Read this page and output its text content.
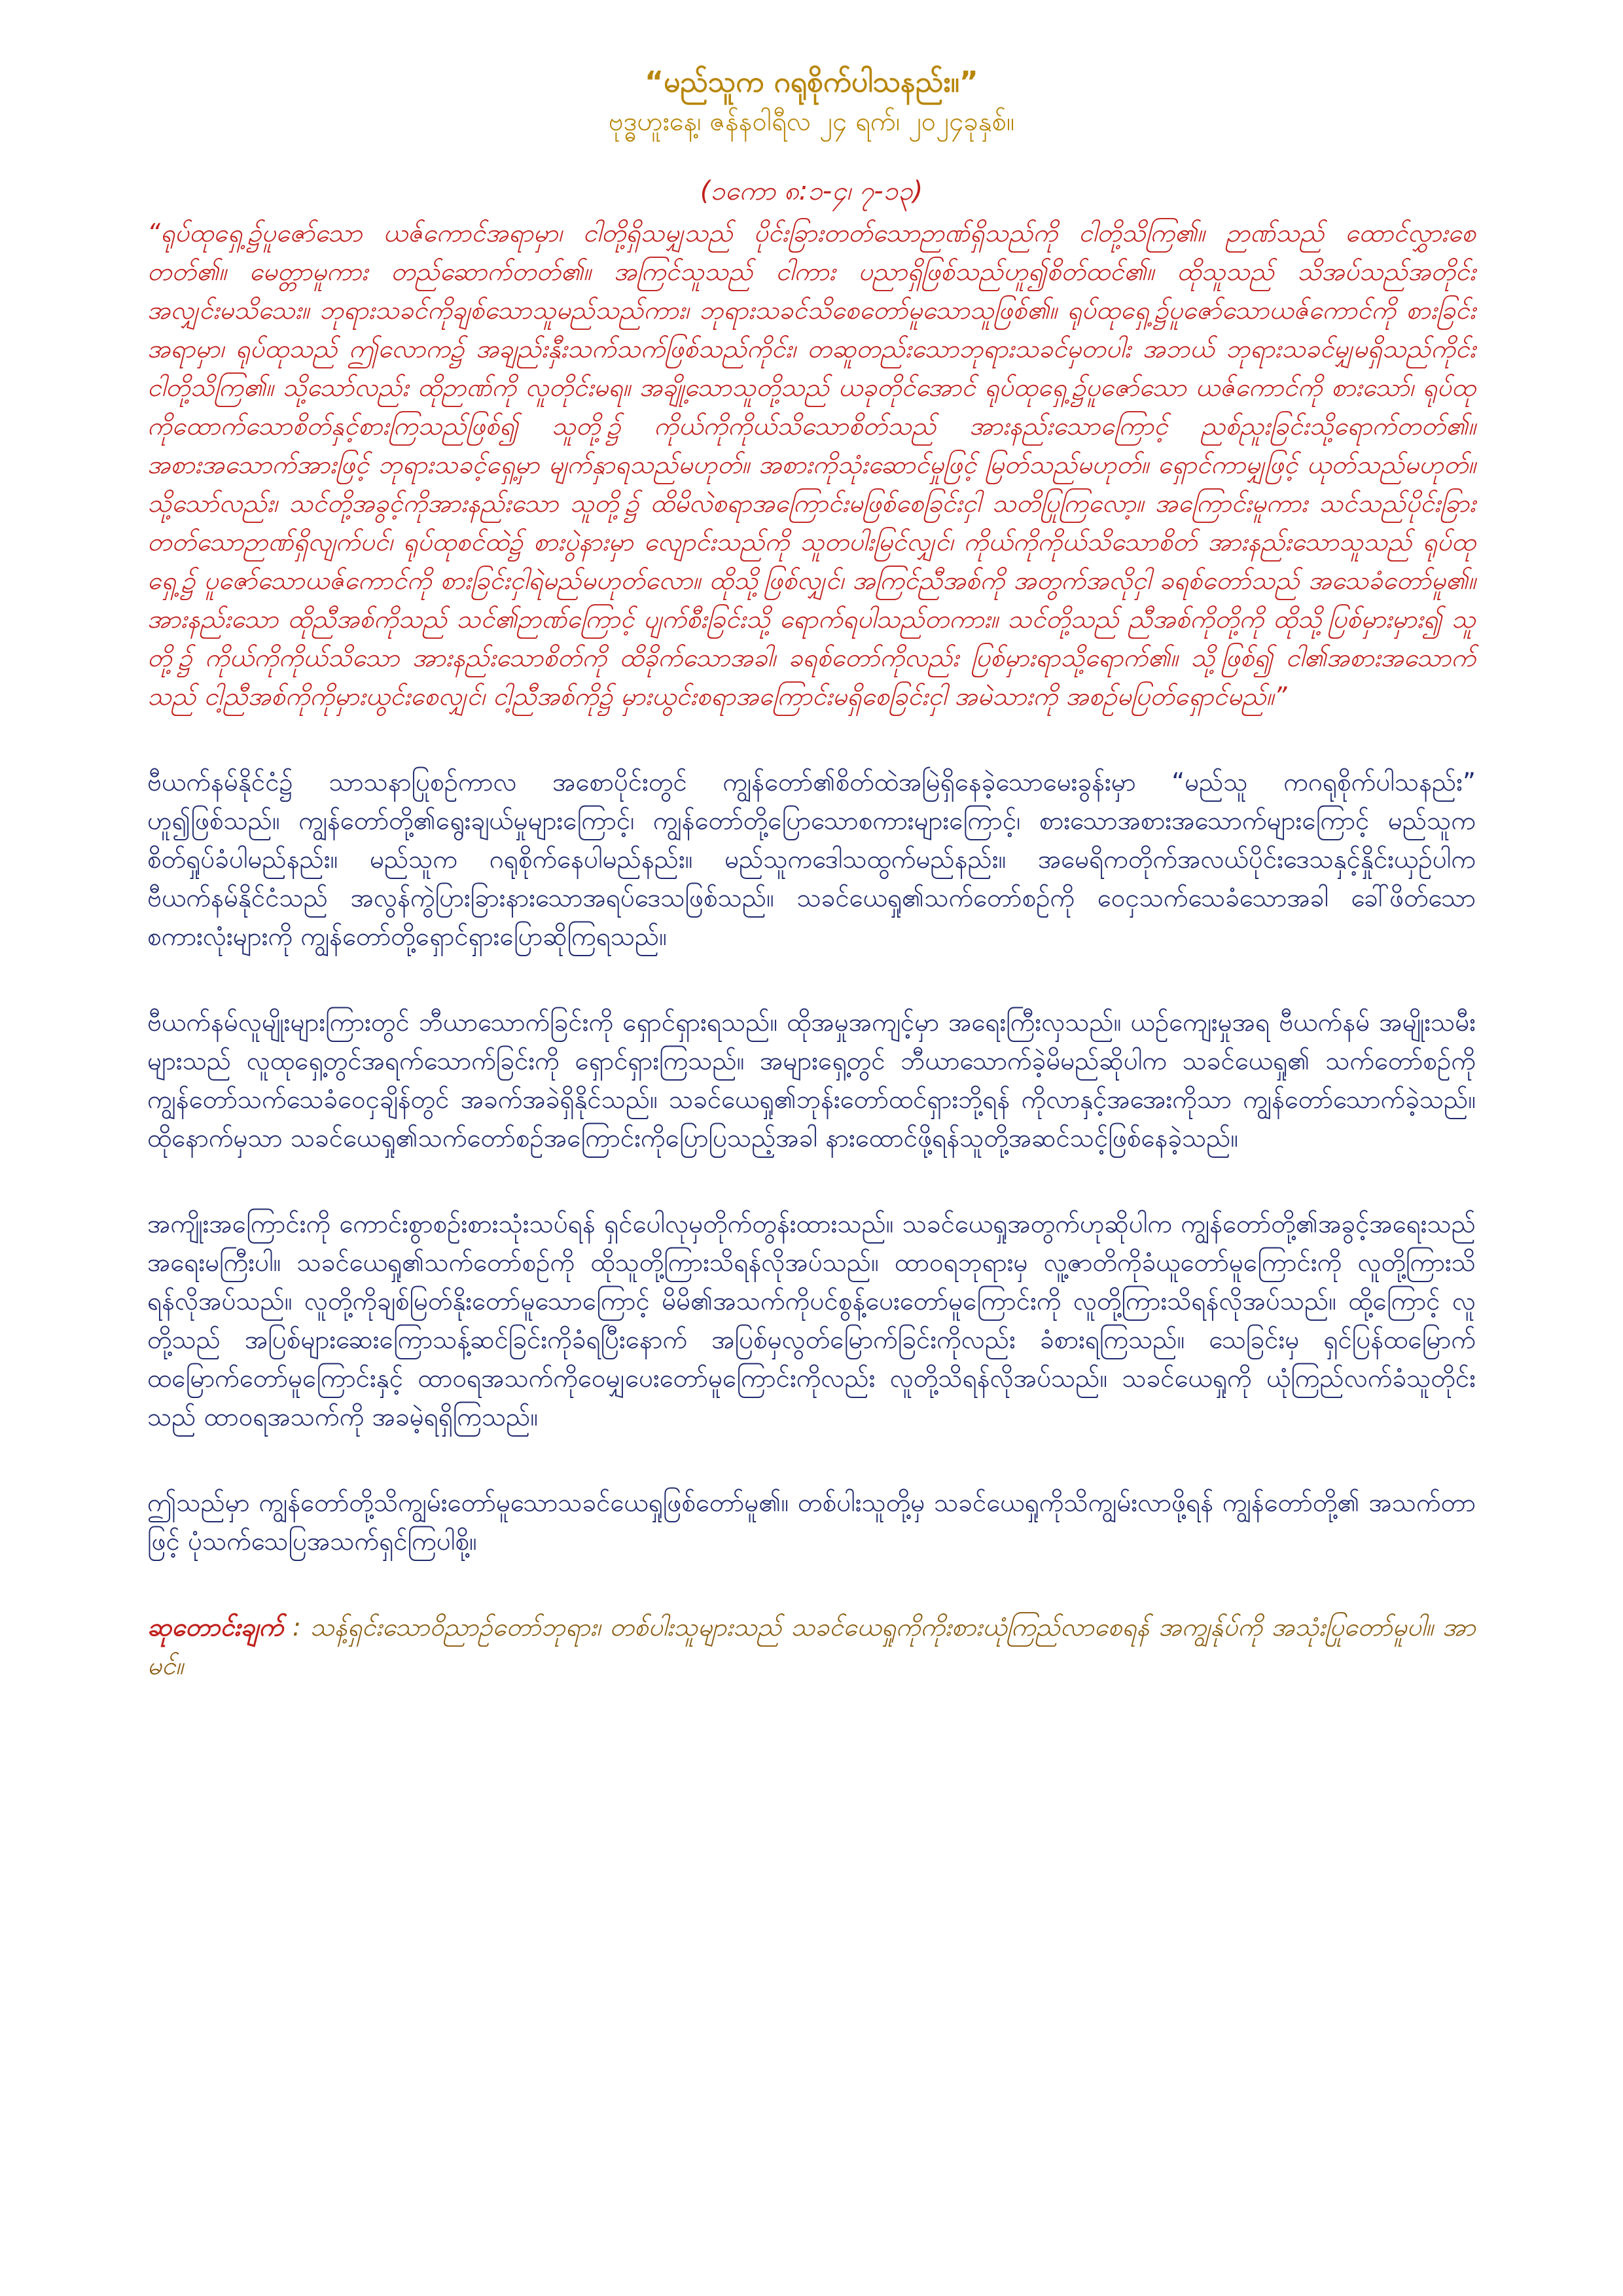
“မည်သူက ဂရုစိုက်ပါသနည်း။”

ဗုဒ္ဓဟူးနေ့၊ ဇန်နဝါရီလ ၂၄ ရက်၊ ၂၀၂၄ခုနှစ်။

(၁ကော ၈:၁-၄၊ ၇-၁၃)

“ရုပ်ထုရှေ့၌ပူဇော်သော ယဇ်ကောင်အရာမှာ၊ ငါတို့ရှိသမျှသည် ပိုင်းခြားတတ်သောဉာဏ်ရှိသည်ကို ငါတို့သိကြ၏။ ဉာဏ်သည် ထောင်လွှားစေတတ်၏။ မေတ္တာမူကား တည်ဆောက်တတ်၏။ အကြင်သူသည် ငါကား ပညာရှိဖြစ်သည်ဟူ၍စိတ်ထင်၏။ ထိုသူသည် သိအပ်သည်အတိုင်း အလျှင်းမသိသေး။ ဘုရားသခင်ကိုချစ်သောသူမည်သည်ကား၊ ဘုရားသခင်သိစေတော်မူသောသူဖြစ်၏။ ရုပ်ထုရှေ့၌ပူဇော်သောယဇ်ကောင်ကို စားခြင်းအရာမှာ၊ ရုပ်ထုသည် ဤလောက၌ အချည်းနှီးသက်သက်ဖြစ်သည်ကိုင်း၊ တဆူတည်းသောဘုရားသခင်မှတပါး အဘယ် ဘုရားသခင်မျှမရှိသည်ကိုင်း ငါတို့သိကြ၏။ သို့သော်လည်း ထိုဉာဏ်ကို လူတိုင်းမရ။ အချို့သောသူတို့သည် ယခုတိုင်အောင် ရုပ်ထုရှေ့၌ပူဇော်သော ယဇ်ကောင်ကို စားသော်၊ ရုပ်ထုကိုထောက်သောစိတ်နှင့်စားကြသည်ဖြစ်၍ သူတို့၌ ကိုယ်ကိုကိုယ်သိသောစိတ်သည် အားနည်းသောကြောင့် ညစ်ညူးခြင်းသို့ရောက်တတ်၏။ အစားအသောက်အားဖြင့် ဘုရားသခင့်ရှေ့မှာ မျက်နှာရသည်မဟုတ်။ အစားကိုသုံးဆောင်မှုဖြင့် မြတ်သည်မဟုတ်။ ရှောင်ကာမျှဖြင့် ယုတ်သည်မဟုတ်။ သို့သော်လည်း၊ သင်တို့အခွင့်ကိုအားနည်းသော သူတို့၌ ထိမိလဲစရာအကြောင်းမဖြစ်စေခြင်းငှါ သတိပြုကြလော့။ အကြောင်းမူကား သင်သည်ပိုင်းခြားတတ်သောဉာဏ်ရှိလျက်ပင်၊ ရုပ်ထုစင်ထဲ၌ စားပွဲနားမှာ လျောင်းသည်ကို သူတပါးမြင်လျှင်၊ ကိုယ်ကိုကိုယ်သိသောစိတ် အားနည်းသောသူသည် ရုပ်ထုရှေ့၌ ပူဇော်သောယဇ်ကောင်ကို စားခြင်းငှါရဲမည်မဟုတ်လော။ ထိုသို့ဖြစ်လျှင်၊ အကြင်ညီအစ်ကို အတွက်အလိုငှါ ခရစ်တော်သည် အသေခံတော်မူ၏။ အားနည်းသော ထိုညီအစ်ကိုသည် သင်၏ဉာဏ်ကြောင့် ပျက်စီးခြင်းသို့ ရောက်ရပါသည်တကား။ သင်တို့သည် ညီအစ်ကိုတို့ကို ထိုသို့ပြစ်မှားမှား၍ သူတို့၌ ကိုယ်ကိုကိုယ်သိသော အားနည်းသောစိတ်ကို ထိခိုက်သောအခါ၊ ခရစ်တော်ကိုလည်း ပြစ်မှားရာသို့ရောက်၏။ သို့ဖြစ်၍ ငါ၏အစားအသောက်သည် ငါ့ညီအစ်ကိုကိုမှားယွင်းစေလျှင်၊ ငါ့ညီအစ်ကို၌ မှားယွင်းစရာအကြောင်းမရှိစေခြင်းငှါ အမဲသားကို အစဉ်မပြတ်ရှောင်မည်။”

ဗီယက်နမ်နိုင်ငံ၌ သာသနာပြုစဉ်ကာလ အစောပိုင်းတွင် ကျွန်တော်၏စိတ်ထဲအမြဲရှိနေခဲ့သောမေးခွန်းမှာ “မည်သူ ကဂရုစိုက်ပါသနည်း” ဟူ၍ဖြစ်သည်။ ကျွန်တော်တို့၏ရွေးချယ်မှုများကြောင့်၊ ကျွန်တော်တို့ပြောသောစကားများကြောင့်၊ စားသောအစားအသောက်များကြောင့် မည်သူက စိတ်ရှုပ်ခံပါမည်နည်း။ မည်သူက ဂရုစိုက်နေပါမည်နည်း။ မည်သူကဒေါသထွက်မည်နည်း။ အမေရိကတိုက်အလယ်ပိုင်းဒေသနှင့်နှိုင်းယှဉ်ပါက ဗီယက်နမ်နိုင်ငံသည် အလွန်ကွဲပြားခြားနားသောအရပ်ဒေသဖြစ်သည်။ သခင်ယေရှု၏သက်တော်စဉ်ကို ဝေငှသက်သေခံသောအခါ ခေါ်ဖိတ်သော စကားလုံးများကို ကျွန်တော်တို့ရှောင်ရှားပြောဆိုကြရသည်။

ဗီယက်နမ်လူမျိုးများကြားတွင် ဘီယာသောက်ခြင်းကို ရှောင်ရှားရသည်။ ထိုအမှုအကျင့်မှာ အရေးကြီးလှသည်။ ယဉ်ကျေးမှုအရ ဗီယက်နမ် အမျိုးသမီးများသည် လူထုရှေ့တွင်အရက်သောက်ခြင်းကို ရှောင်ရှားကြသည်။ အများရှေ့တွင် ဘီယာသောက်ခဲ့မိမည်ဆိုပါက သခင်ယေရှု၏ သက်တော်စဉ်ကို ကျွန်တော်သက်သေခံဝေငှချိန်တွင် အခက်အခဲရှိနိုင်သည်။ သခင်ယေရှု၏ဘုန်းတော်ထင်ရှားဘို့ရန် ကိုလာနှင့်အအေးကိုသာ ကျွန်တော်သောက်ခဲ့သည်။ ထိုနောက်မှသာ သခင်ယေရှု၏သက်တော်စဉ်အကြောင်းကိုပြောပြသည့်အခါ နားထောင်ဖို့ရန်သူတို့အဆင်သင့်ဖြစ်နေခဲ့သည်။

အကျိုးအကြောင်းကို ကောင်းစွာစဉ်းစားသုံးသပ်ရန် ရှင်ပေါလုမှတိုက်တွန်းထားသည်။ သခင်ယေရှုအတွက်ဟုဆိုပါက ကျွန်တော်တို့၏အခွင့်အရေးသည် အရေးမကြီးပါ။ သခင်ယေရှု၏သက်တော်စဉ်ကို ထိုသူတို့ကြားသိရန်လိုအပ်သည်။ ထာဝရဘုရားမှ လူ့ဇာတိကိုခံယူတော်မူကြောင်းကို လူတို့ကြားသိရန်လိုအပ်သည်။ လူတို့ကိုချစ်မြတ်နိုးတော်မူသောကြောင့် မိမိ၏အသက်ကိုပင်စွန့်ပေးတော်မူကြောင်းကို လူတို့ကြားသိရန်လိုအပ်သည်။ ထို့ကြောင့် လူတို့သည် အပြစ်များဆေးကြောသန့်ဆင်ခြင်းကိုခံရပြီးနောက် အပြစ်မှလွတ်မြောက်ခြင်းကိုလည်း ခံစားရကြသည်။ သေခြင်းမှ ရှင်ပြန်ထမြောက်ထမြောက်တော်မူကြောင်းနှင့် ထာဝရအသက်ကိုဝေမျှပေးတော်မူကြောင်းကိုလည်း လူတို့သိရန်လိုအပ်သည်။ သခင်ယေရှုကို ယုံကြည်လက်ခံသူတိုင်းသည် ထာဝရအသက်ကို အခမဲ့ရရှိကြသည်။

ဤသည်မှာ ကျွန်တော်တို့သိကျွမ်းတော်မူသောသခင်ယေရှုဖြစ်တော်မူ၏။ တစ်ပါးသူတို့မှ သခင်ယေရှုကိုသိကျွမ်းလာဖို့ရန် ကျွန်တော်တို့၏ အသက်တာဖြင့် ပုံသက်သေပြအသက်ရှင်ကြပါစို့။

ဆုတောင်းချက် : သန့်ရှင်းသောဝိညာဉ်တော်ဘုရား၊ တစ်ပါးသူများသည် သခင်ယေရှုကိုကိုးစားယုံကြည်လာစေရန် အကျွန်ုပ်ကို အသုံးပြုတော်မူပါ။ အာမင်။
